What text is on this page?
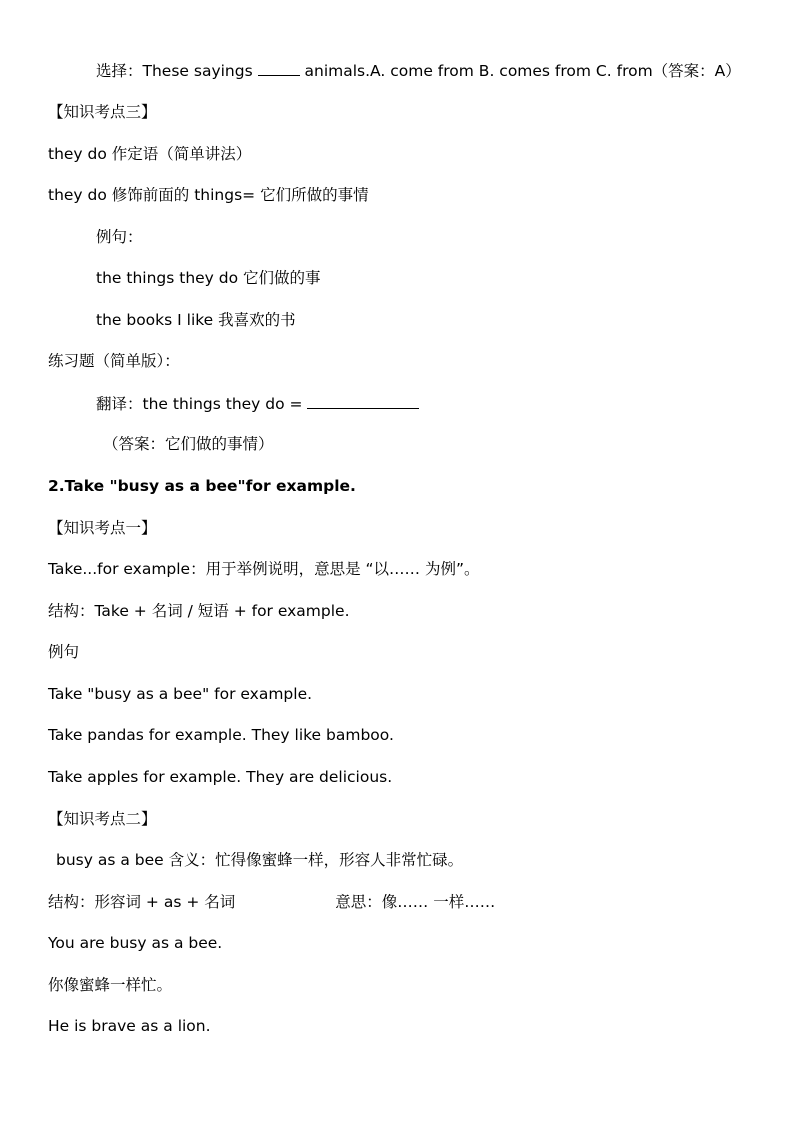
选择：These sayings	animals.A. come from B. comes from C. from（答案：A）
【知识考点三】
they do 作定语（简单讲法）
they do 修饰前面的 things= 它们所做的事情
例句：
the things they do 它们做的事
the books I like 我喜欢的书
练习题（简单版）：
翻译：the things they do =
（答案：它们做的事情）
2.Take "busy as a bee"for example.
【知识考点一】
Take...for example：用于举例说明，意思是 “以…… 为例”。
结构：Take + 名词 / 短语 + for example.
例句
Take "busy as a bee" for example.
Take pandas for example. They like bamboo.
Take apples for example. They are delicious.
【知识考点二】
busy as a bee 含义：忙得像蜜蜂一样，形容人非常忙碌。
结构：形容词 + as + 名词	意思：像…… 一样……
You are busy as a bee.
你像蜜蜂一样忙。
He is brave as a lion.
